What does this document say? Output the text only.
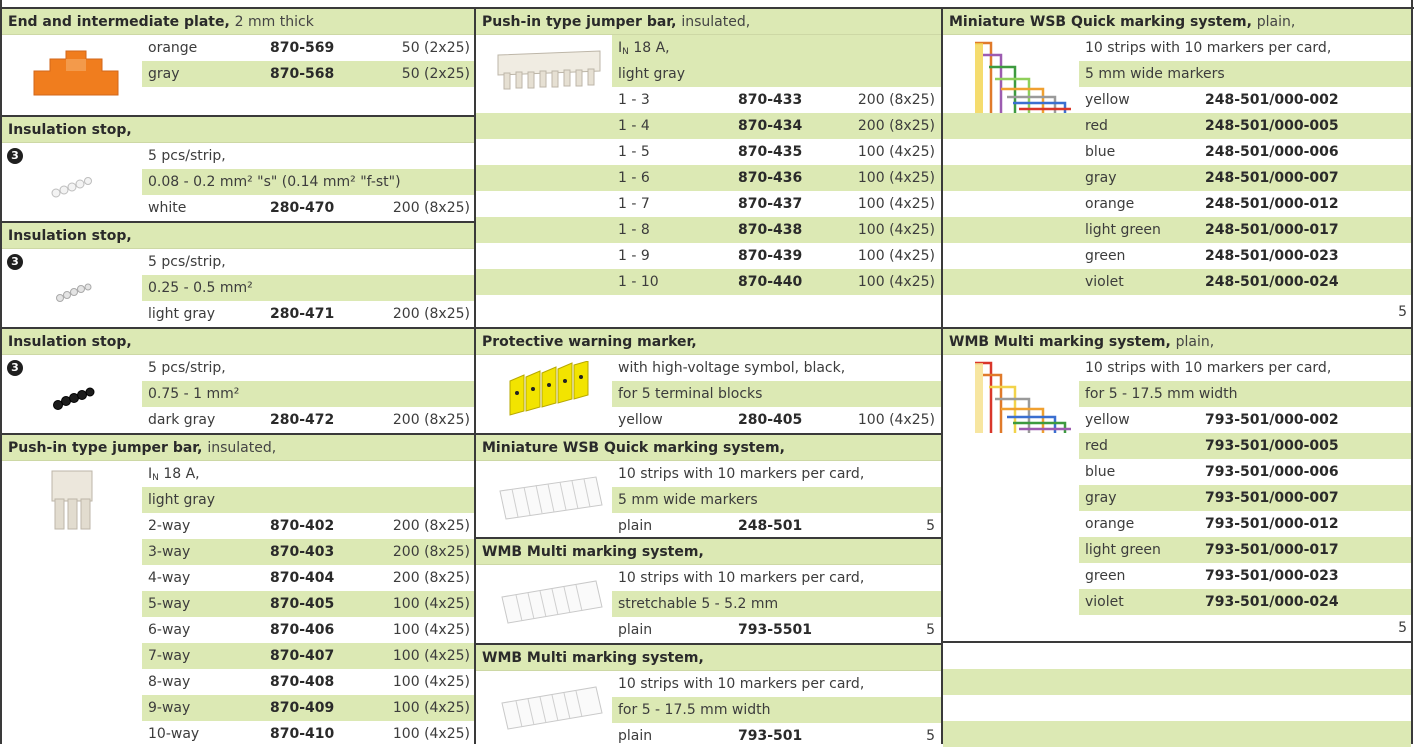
End and intermediate plate, 2 mm thick
orange	870-569	50 (2x25)
gray	870-568	50 (2x25)
Insulation stop,
3	5 pcs/strip,
0.08 - 0.2 mm² "s" (0.14 mm² "f-st")
white	280-470	200 (8x25)
Insulation stop,
3	5 pcs/strip,
0.25 - 0.5 mm²
light gray	280-471	200 (8x25)
Insulation stop,
3	5 pcs/strip,
0.75 - 1 mm²
dark gray	280-472	200 (8x25)
Push-in type jumper bar, insulated,
$I_N$ 18 A,
light gray
2-way	870-402	200 (8x25)
3-way	870-403	200 (8x25)
4-way	870-404	200 (8x25)
5-way	870-405	100 (4x25)
6-way	870-406	100 (4x25)
7-way	870-407	100 (4x25)
8-way	870-408	100 (4x25)
9-way	870-409	100 (4x25)
10-way	870-410	100 (4x25)
Push-in type jumper bar, insulated,
$I_N$ 18 A,
light gray
1 - 3	870-433	200 (8x25)
1 - 4	870-434	200 (8x25)
1 - 5	870-435	100 (4x25)
1 - 6	870-436	100 (4x25)
1 - 7	870-437	100 (4x25)
1 - 8	870-438	100 (4x25)
1 - 9	870-439	100 (4x25)
1 - 10	870-440	100 (4x25)
Protective warning marker,
with high-voltage symbol, black,
for 5 terminal blocks
yellow	280-405	100 (4x25)
Miniature WSB Quick marking system,
10 strips with 10 markers per card,
5 mm wide markers
plain	248-501	5
WMB Multi marking system,
10 strips with 10 markers per card,
stretchable 5 - 5.2 mm
plain	793-5501	5
WMB Multi marking system,
10 strips with 10 markers per card,
for 5 - 17.5 mm width
plain	793-501	5
Miniature WSB Quick marking system, plain,
10 strips with 10 markers per card,
5 mm wide markers
yellow	248-501/000-002
red	248-501/000-005
blue	248-501/000-006
gray	248-501/000-007
orange	248-501/000-012
light green	248-501/000-017
green	248-501/000-023
violet	248-501/000-024
5
WMB Multi marking system, plain,
10 strips with 10 markers per card,
for 5 - 17.5 mm width
yellow	793-501/000-002
red	793-501/000-005
blue	793-501/000-006
gray	793-501/000-007
orange	793-501/000-012
light green	793-501/000-017
green	793-501/000-023
violet	793-501/000-024
5
